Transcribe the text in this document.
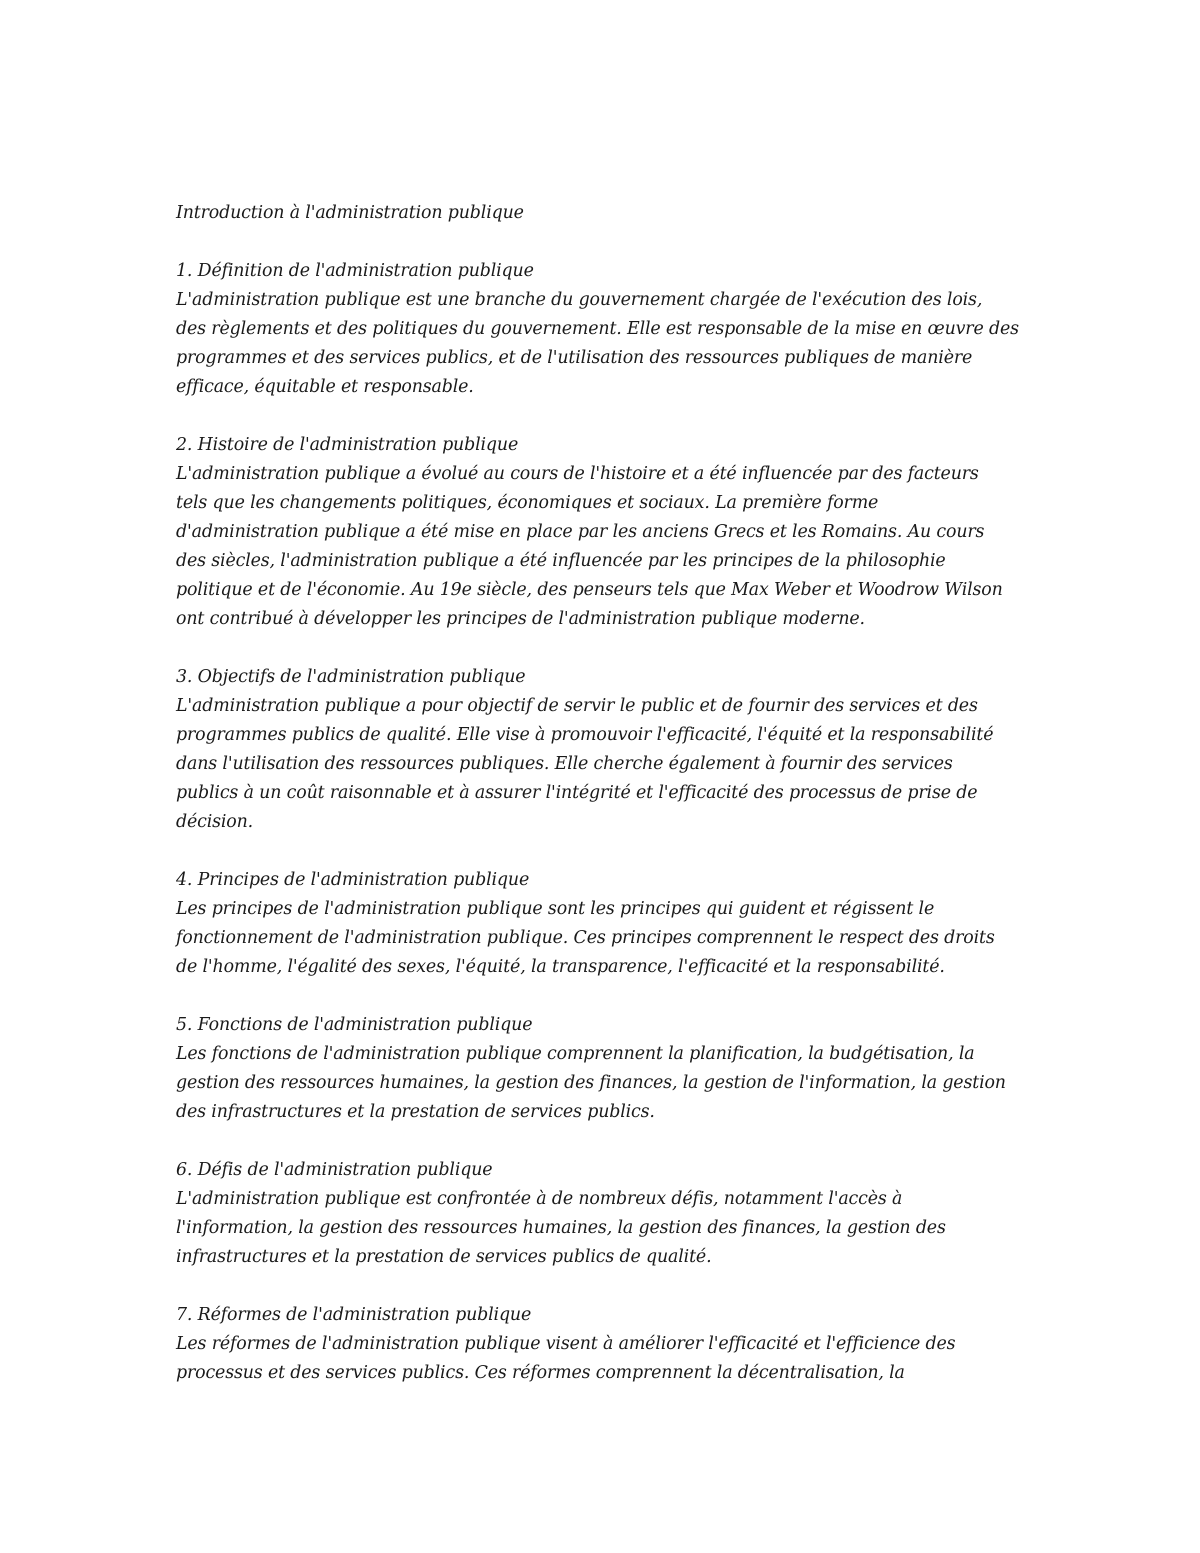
Introduction à l'administration publique
1. Définition de l'administration publique
L'administration publique est une branche du gouvernement chargée de l'exécution des lois,
des règlements et des politiques du gouvernement. Elle est responsable de la mise en œuvre des
programmes et des services publics, et de l'utilisation des ressources publiques de manière
efficace, équitable et responsable.
2. Histoire de l'administration publique
L'administration publique a évolué au cours de l'histoire et a été influencée par des facteurs
tels que les changements politiques, économiques et sociaux. La première forme
d'administration publique a été mise en place par les anciens Grecs et les Romains. Au cours
des siècles, l'administration publique a été influencée par les principes de la philosophie
politique et de l'économie. Au 19e siècle, des penseurs tels que Max Weber et Woodrow Wilson
ont contribué à développer les principes de l'administration publique moderne.
3. Objectifs de l'administration publique
L'administration publique a pour objectif de servir le public et de fournir des services et des
programmes publics de qualité. Elle vise à promouvoir l'efficacité, l'équité et la responsabilité
dans l'utilisation des ressources publiques. Elle cherche également à fournir des services
publics à un coût raisonnable et à assurer l'intégrité et l'efficacité des processus de prise de
décision.
4. Principes de l'administration publique
Les principes de l'administration publique sont les principes qui guident et régissent le
fonctionnement de l'administration publique. Ces principes comprennent le respect des droits
de l'homme, l'égalité des sexes, l'équité, la transparence, l'efficacité et la responsabilité.
5. Fonctions de l'administration publique
Les fonctions de l'administration publique comprennent la planification, la budgétisation, la
gestion des ressources humaines, la gestion des finances, la gestion de l'information, la gestion
des infrastructures et la prestation de services publics.
6. Défis de l'administration publique
L'administration publique est confrontée à de nombreux défis, notamment l'accès à
l'information, la gestion des ressources humaines, la gestion des finances, la gestion des
infrastructures et la prestation de services publics de qualité.
7. Réformes de l'administration publique
Les réformes de l'administration publique visent à améliorer l'efficacité et l'efficience des
processus et des services publics. Ces réformes comprennent la décentralisation, la
